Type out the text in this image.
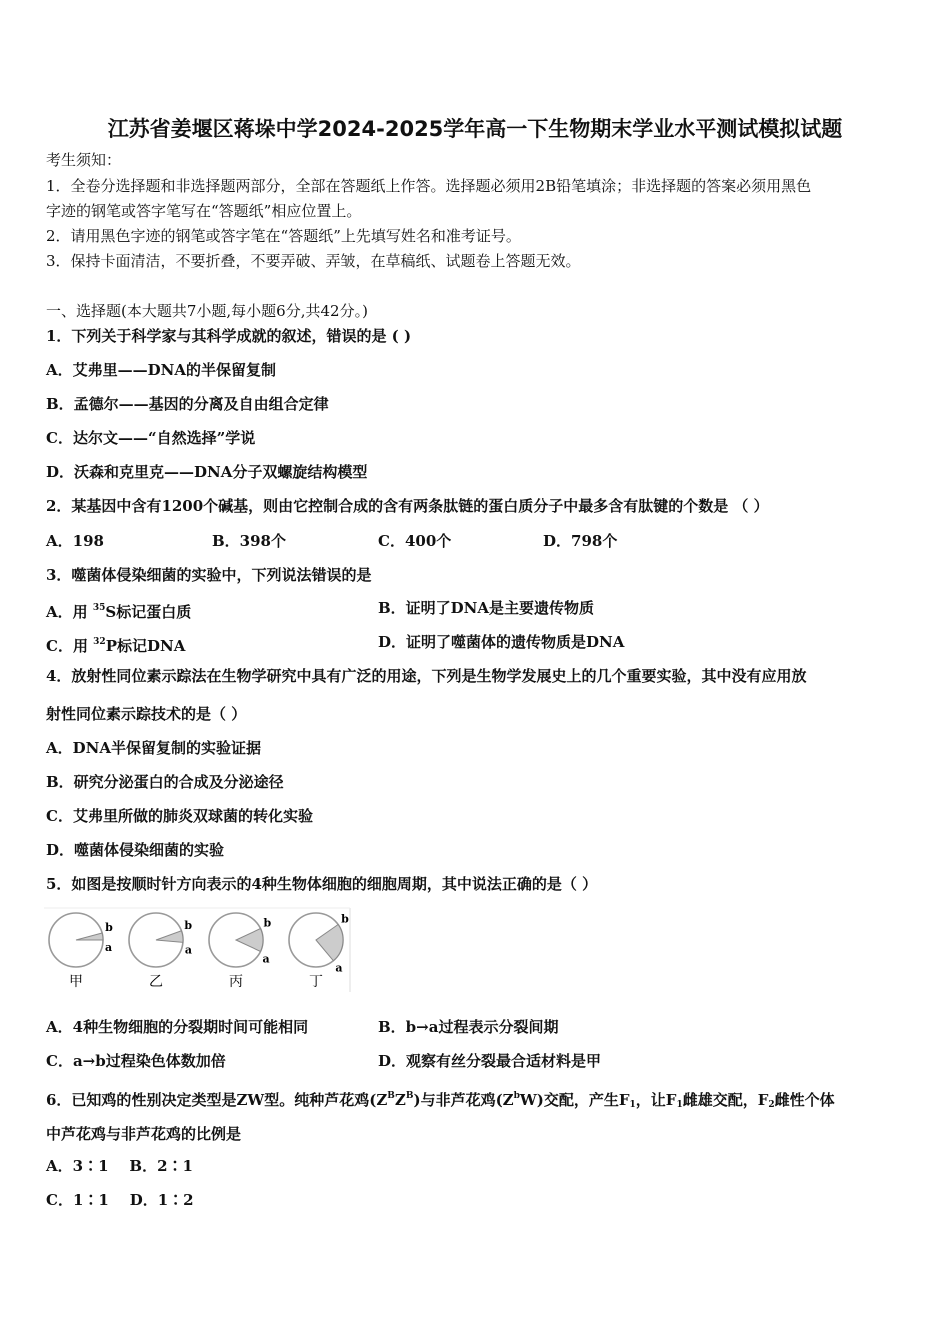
江苏省姜堰区蒋垛中学2024-2025学年高一下生物期末学业水平测试模拟试题
考生须知：
1．全卷分选择题和非选择题两部分，全部在答题纸上作答。选择题必须用2B铅笔填涂；非选择题的答案必须用黑色
字迹的钢笔或答字笔写在“答题纸”相应位置上。
2．请用黑色字迹的钢笔或答字笔在“答题纸”上先填写姓名和准考证号。
3．保持卡面清洁，不要折叠，不要弄破、弄皱，在草稿纸、试题卷上答题无效。
一、选择题(本大题共7小题,每小题6分,共42分。)
1．下列关于科学家与其科学成就的叙述，错误的是 ( )
A．艾弗里——DNA的半保留复制
B．孟德尔——基因的分离及自由组合定律
C．达尔文——“自然选择”学说
D．沃森和克里克——DNA分子双螺旋结构模型
2．某基因中含有1200个碱基，则由它控制合成的含有两条肽链的蛋白质分子中最多含有肽键的个数是 （ ）
A．198	B．398个	C．400个	D．798个
3．噬菌体侵染细菌的实验中，下列说法错误的是
A．用 $^{35}$S标记蛋白质	B．证明了DNA是主要遗传物质
C．用 $^{32}$P标记DNA	D．证明了噬菌体的遗传物质是DNA
4．放射性同位素示踪法在生物学研究中具有广泛的用途，下列是生物学发展史上的几个重要实验，其中没有应用放
射性同位素示踪技术的是（ ）
A．DNA半保留复制的实验证据
B．研究分泌蛋白的合成及分泌途径
C．艾弗里所做的肺炎双球菌的转化实验
D．噬菌体侵染细菌的实验
5．如图是按顺时针方向表示的4种生物体细胞的细胞周期，其中说法正确的是（ ）
b
a
甲
b
a
乙
b
a
丙
b
a
丁
A．4种生物细胞的分裂期时间可能相同	B．b→a过程表示分裂间期
C．a→b过程染色体数加倍	D．观察有丝分裂最合适材料是甲
6．已知鸡的性别决定类型是ZW型。纯种芦花鸡$(Z^BZ^B)$与非芦花鸡$(Z^bW)$交配，产生$F_1$，让$F_1$雌雄交配，$F_2$雌性个体
中芦花鸡与非芦花鸡的比例是
A．3∶1    B．2∶1
C．1∶1    D．1∶2
